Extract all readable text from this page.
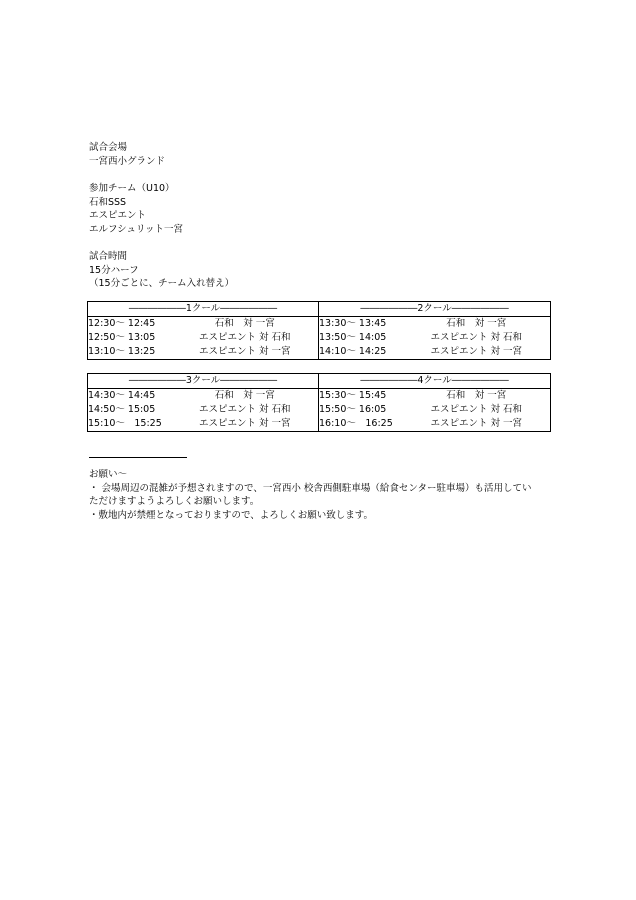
試合会場
一宮西小グランド
参加チーム（U10）
石和SSS
エスピエント
エルフシュリット一宮
試合時間
15分ハーフ
（15分ごとに、チーム入れ替え）
――――――1クール――――――		――――――2クール――――――	
12:30～ 12:45	石和　対 一宮	13:30～ 13:45	石和　対 一宮
12:50～ 13:05	エスピエント 対 石和	13:50～ 14:05	エスピエント 対 石和
13:10～ 13:25	エスピエント 対 一宮	14:10～ 14:25	エスピエント 対 一宮
――――――3クール――――――		――――――4クール――――――	
14:30～ 14:45	石和　対 一宮	15:30～ 15:45	石和　対 一宮
14:50～ 15:05	エスピエント 対 石和	15:50～ 16:05	エスピエント 対 石和
15:10～　15:25	エスピエント 対 一宮	16:10～　16:25	エスピエント 対 一宮
お願い～
・ 会場周辺の混雑が予想されますので、一宮西小 校舎西側駐車場（給食センター駐車場）も活用してい
ただけますようよろしくお願いします。
・敷地内が禁煙となっておりますので、よろしくお願い致します。
